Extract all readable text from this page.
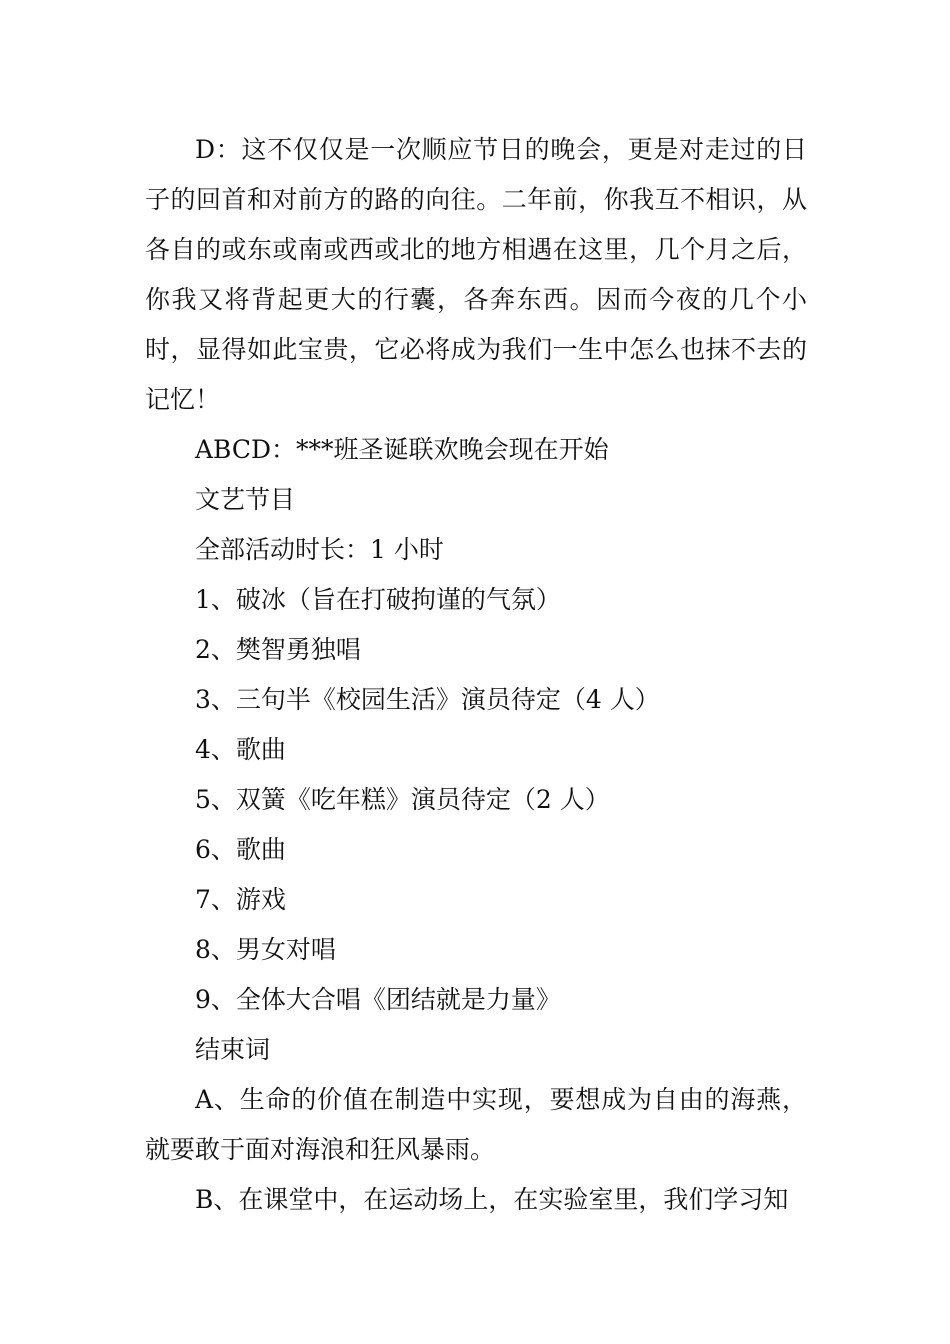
D：这不仅仅是一次顺应节日的晚会，更是对走过的日子的回首和对前方的路的向往。二年前，你我互不相识，从各自的或东或南或西或北的地方相遇在这里，几个月之后，你我又将背起更大的行囊，各奔东西。因而今夜的几个小时，显得如此宝贵，它必将成为我们一生中怎么也抹不去的记忆！

ABCD：***班圣诞联欢晚会现在开始

文艺节目

全部活动时长：1 小时

1、破冰（旨在打破拘谨的气氛）

2、樊智勇独唱

3、三句半《校园生活》演员待定（4 人）

4、歌曲

5、双簧《吃年糕》演员待定（2 人）

6、歌曲

7、游戏

8、男女对唱

9、全体大合唱《团结就是力量》

结束词

A、生命的价值在制造中实现，要想成为自由的海燕，就要敢于面对海浪和狂风暴雨。

B、在课堂中，在运动场上，在实验室里，我们学习知
